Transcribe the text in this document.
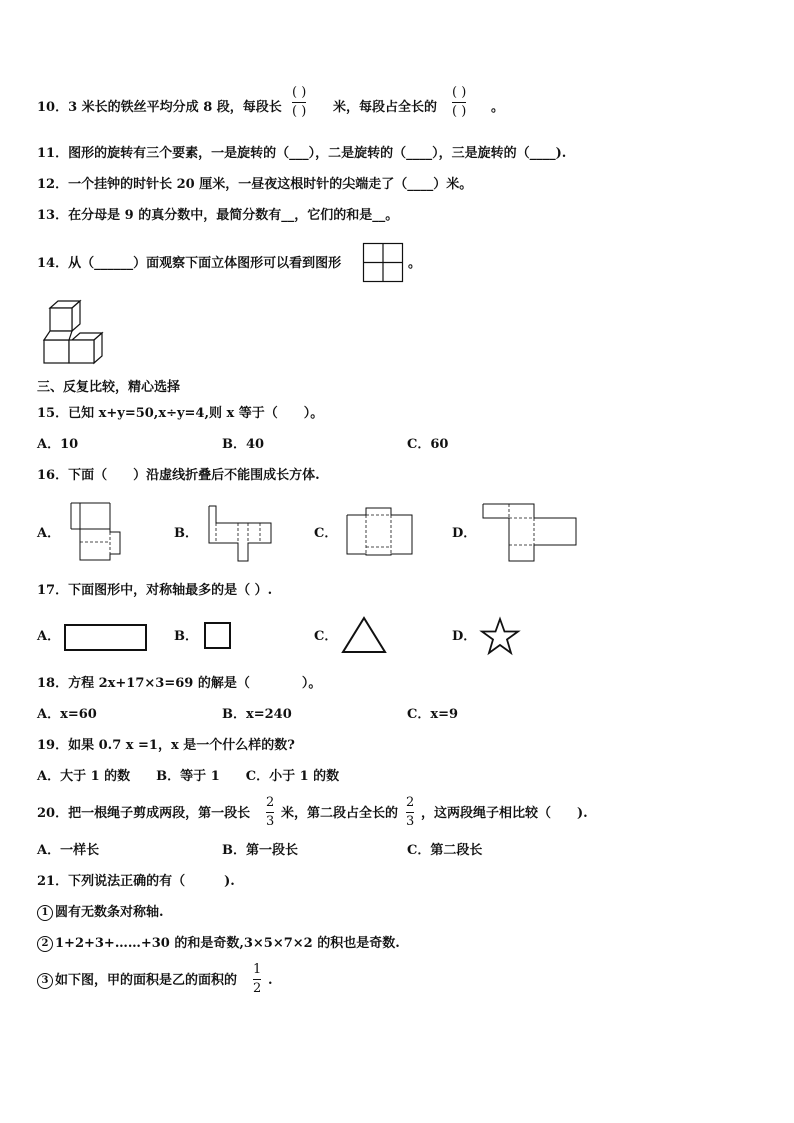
10．3 米长的铁丝平均分成 8 段，每段长
( )
( ) 米，每段占全长的
( )
( ) 。
11．图形的旋转有三个要素，一是旋转的（___），二是旋转的（____），三是旋转的（____).
12．一个挂钟的时针长 20 厘米，一昼夜这根时针的尖端走了（____）米。
13．在分母是 9 的真分数中，最简分数有__，它们的和是__。
14．从（______）面观察下面立体图形可以看到图形	。
三、反复比较，精心选择
15．已知 x+y=50,x÷y=4,则 x 等于（　　）。
A．10	B．40	C．60
16．下面（　　）沿虚线折叠后不能围成长方体.
A．	B．	C．	D．
17．下面图形中，对称轴最多的是（ ）.
A．	B．	C．	D．
18．方程 2x+17×3=69 的解是（　　　　）。
A．x=60	B．x=240	C．x=9
19．如果 0.7 x =1，x 是一个什么样的数?
A．大于 1 的数　　B．等于 1　　C．小于 1 的数
20．把一根绳子剪成两段，第一段长
2
3
米，第二段占全长的
2
3
，这两段绳子相比较（　　).
A．一样长	B．第一段长	C．第二段长
21．下列说法正确的有（　　　).
1 圆有无数条对称轴.
2 1+2+3+……+30 的和是奇数,3×5×7×2 的积也是奇数.
3 如下图，甲的面积是乙的面积的
1
2
.
